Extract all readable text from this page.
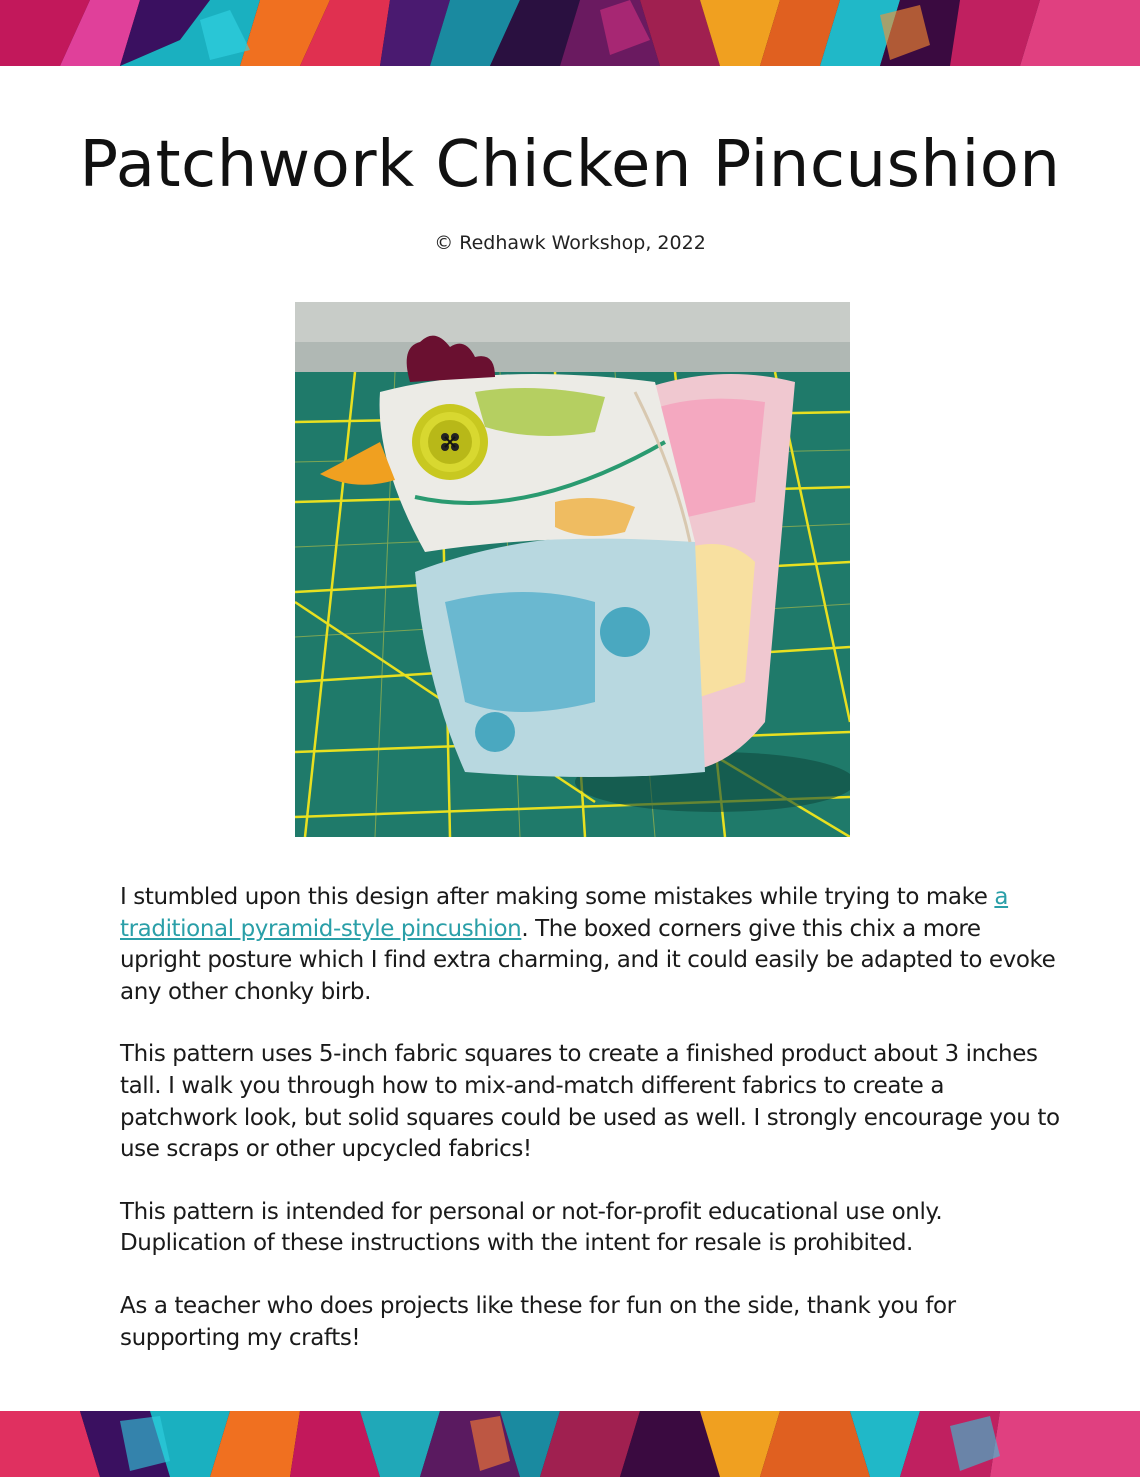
Patchwork Chicken Pincushion
© Redhawk Workshop, 2022

I stumbled upon this design after making some mistakes while trying to make a traditional pyramid-style pincushion. The boxed corners give this chix a more upright posture which I find extra charming, and it could easily be adapted to evoke any other chonky birb.

This pattern uses 5-inch fabric squares to create a finished product about 3 inches tall. I walk you through how to mix-and-match different fabrics to create a patchwork look, but solid squares could be used as well. I strongly encourage you to use scraps or other upcycled fabrics!

This pattern is intended for personal or not-for-profit educational use only. Duplication of these instructions with the intent for resale is prohibited.

As a teacher who does projects like these for fun on the side, thank you for supporting my crafts!
